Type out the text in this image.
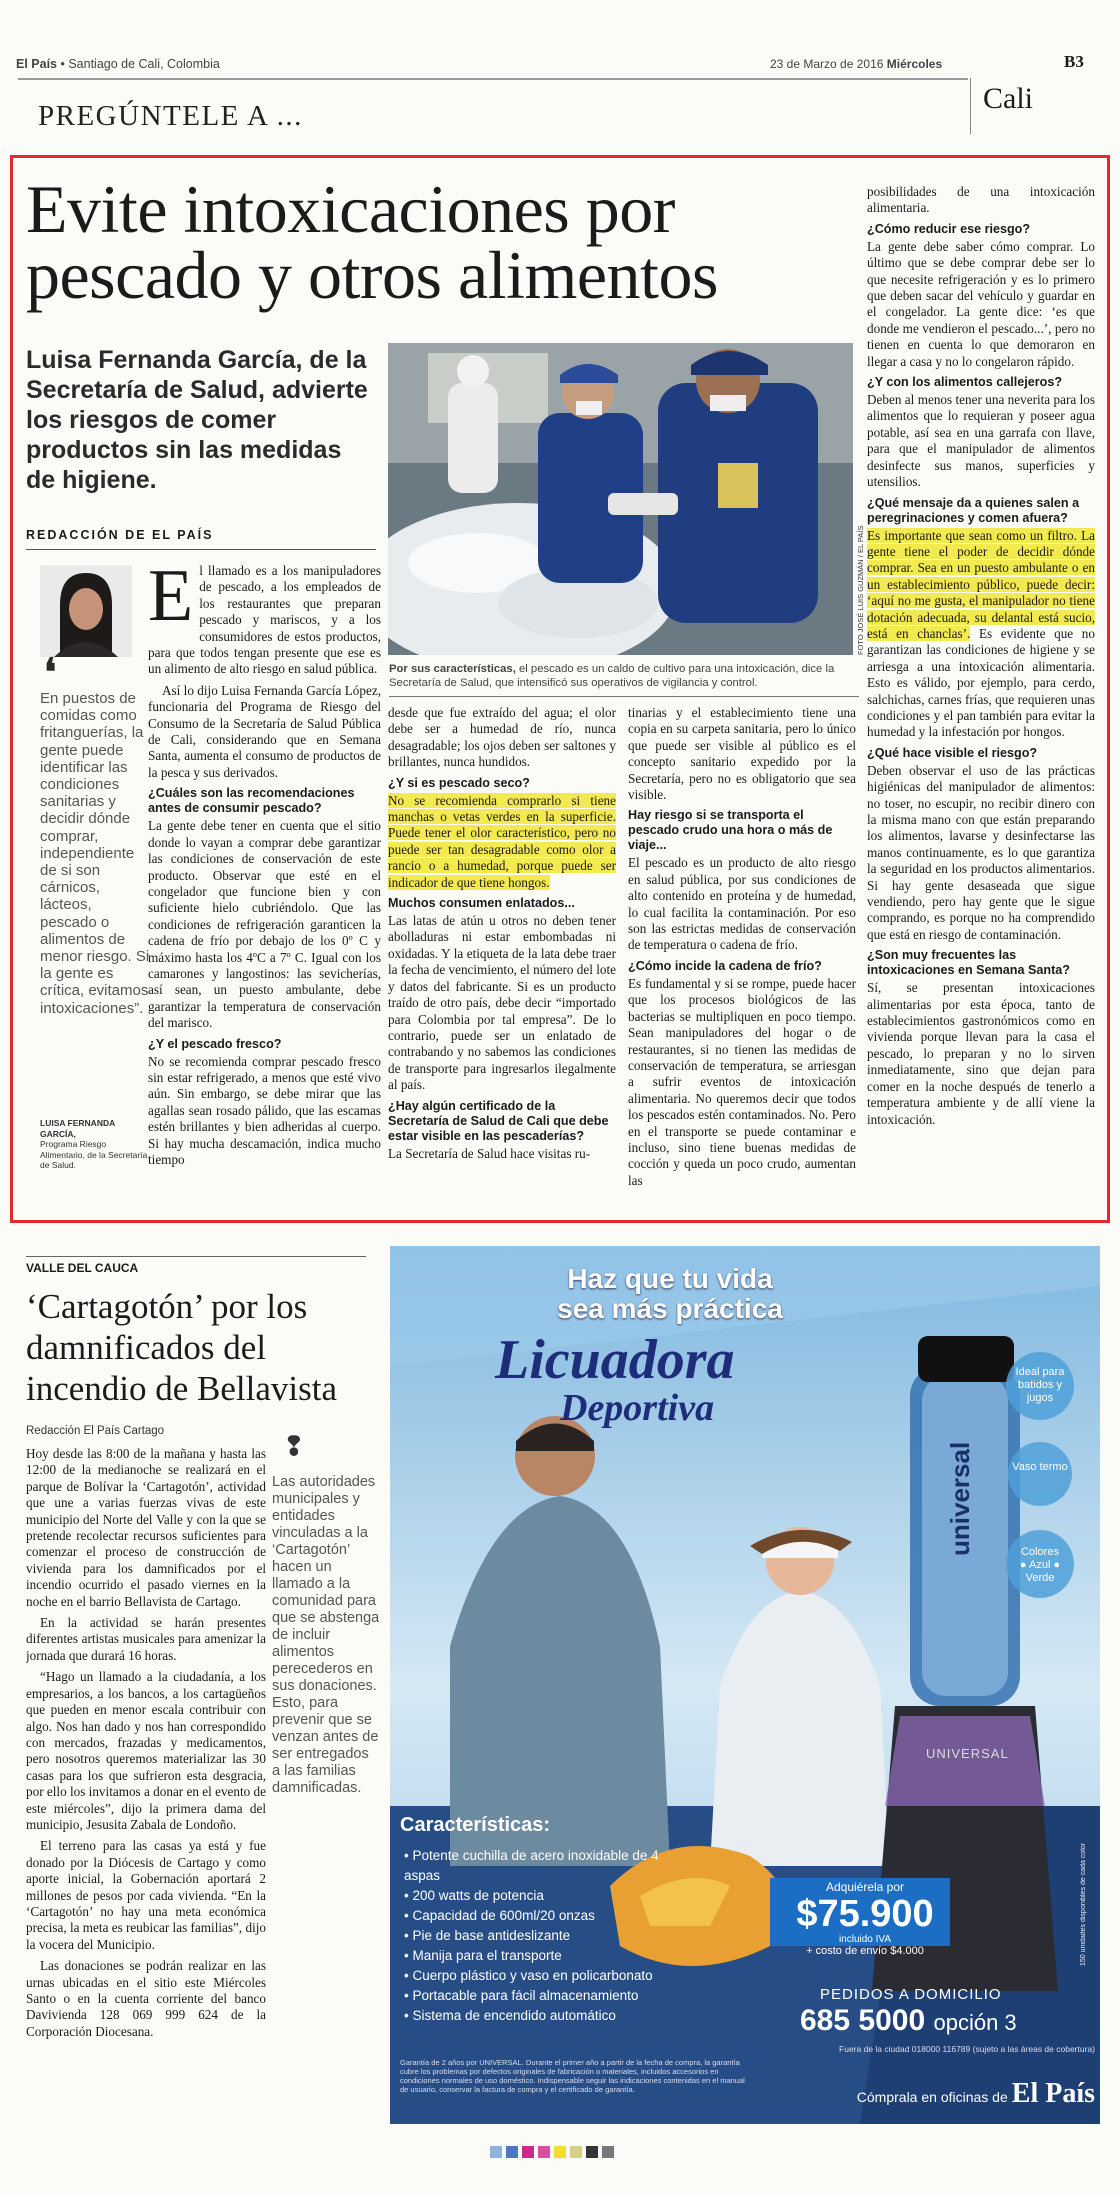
El País • Santiago de Cali, Colombia	23 de Marzo de 2016 Miércoles	B3
Cali
PREGÚNTELE A ...
Evite intoxicaciones por
pescado y otros alimentos
Luisa Fernanda García, de la Secretaría de Salud, advierte los riesgos de comer productos sin las medidas de higiene.
REDACCIÓN DE EL PAÍS	FOTO JOSÉ LUIS GUZMÁN / EL PAÍS
Por sus características, el pescado es un caldo de cultivo para una intoxicación, dice la Secretaría de Salud, que intensificó sus operativos de vigilancia y control.
❛
En puestos de comidas como fritanguerías, la gente puede identificar las condiciones sanitarias y decidir dónde comprar, independiente de si son cárnicos, lácteos, pescado o alimentos de menor riesgo. Si la gente es crítica, evitamos intoxicaciones”.
LUISA FERNANDA GARCÍA,
Programa Riesgo Alimentario, de la Secretaría de Salud.
E l llamado es a los manipuladores de pescado, a los empleados de los restaurantes que preparan pescado y mariscos, y a los consumidores de estos productos, para que todos tengan presente que ese es un alimento de alto riesgo en salud pública.

Así lo dijo Luisa Fernanda García López, funcionaria del Programa de Riesgo del Consumo de la Secretaría de Salud Pública de Cali, considerando que en Semana Santa, aumenta el consumo de productos de la pesca y sus derivados.

¿Cuáles son las recomendaciones antes de consumir pescado?

La gente debe tener en cuenta que el sitio donde lo vayan a comprar debe garantizar las condiciones de conservación de este producto. Observar que esté en el congelador que funcione bien y con suficiente hielo cubriéndolo. Que las condiciones de refrigeración garanticen la cadena de frío por debajo de los 0º C y máximo hasta los 4ºC a 7º C. Igual con los camarones y langostinos: las sevicherías, así sean, un puesto ambulante, debe garantizar la temperatura de conservación del marisco.

¿Y el pescado fresco?

No se recomienda comprar pescado fresco sin estar refrigerado, a menos que esté vivo aún. Sin embargo, se debe mirar que las agallas sean rosado pálido, que las escamas estén brillantes y bien adheridas al cuerpo. Si hay mucha descamación, indica mucho tiempo

desde que fue extraído del agua; el olor debe ser a humedad de río, nunca desagradable; los ojos deben ser saltones y brillantes, nunca hundidos.

¿Y si es pescado seco?

No se recomienda comprarlo si tiene manchas o vetas verdes en la superficie. Puede tener el olor característico, pero no puede ser tan desagradable como olor a rancio o a humedad, porque puede ser indicador de que tiene hongos.

Muchos consumen enlatados...

Las latas de atún u otros no deben tener abolladuras ni estar embombadas ni oxidadas. Y la etiqueta de la lata debe traer la fecha de vencimiento, el número del lote y datos del fabricante. Si es un producto traído de otro país, debe decir “importado para Colombia por tal empresa”. De lo contrario, puede ser un enlatado de contrabando y no sabemos las condiciones de transporte para ingresarlos ilegalmente al país.

¿Hay algún certificado de la Secretaría de Salud de Cali que debe estar visible en las pescaderías?

La Secretaría de Salud hace visitas ru-

tinarias y el establecimiento tiene una copia en su carpeta sanitaria, pero lo único que puede ser visible al público es el concepto sanitario expedido por la Secretaría, pero no es obligatorio que sea visible.

Hay riesgo si se transporta el pescado crudo una hora o más de viaje...

El pescado es un producto de alto riesgo en salud pública, por sus condiciones de alto contenido en proteína y de humedad, lo cual facilita la contaminación. Por eso son las estrictas medidas de conservación de temperatura o cadena de frío.

¿Cómo incide la cadena de frío?

Es fundamental y si se rompe, puede hacer que los procesos biológicos de las bacterias se multipliquen en poco tiempo. Sean manipuladores del hogar o de restaurantes, si no tienen las medidas de conservación de temperatura, se arriesgan a sufrir eventos de intoxicación alimentaria. No queremos decir que todos los pescados estén contaminados. No. Pero en el transporte se puede contaminar e incluso, sino tiene buenas medidas de cocción y queda un poco crudo, aumentan las

posibilidades de una intoxicación alimentaria.

¿Cómo reducir ese riesgo?

La gente debe saber cómo comprar. Lo último que se debe comprar debe ser lo que necesite refrigeración y es lo primero que deben sacar del vehículo y guardar en el congelador. La gente dice: ‘es que donde me vendieron el pescado...’, pero no tienen en cuenta lo que demoraron en llegar a casa y no lo congelaron rápido.

¿Y con los alimentos callejeros?

Deben al menos tener una neverita para los alimentos que lo requieran y poseer agua potable, así sea en una garrafa con llave, para que el manipulador de alimentos desinfecte sus manos, superficies y utensilios.

¿Qué mensaje da a quienes salen a peregrinaciones y comen afuera?

Es importante que sean como un filtro. La gente tiene el poder de decidir dónde comprar. Sea en un puesto ambulante o en un establecimiento público, puede decir: ‘aquí no me gusta, el manipulador no tiene dotación adecuada, su delantal está sucio, está en chanclas’. Es evidente que no garantizan las condiciones de higiene y se arriesga a una intoxicación alimentaria. Esto es válido, por ejemplo, para cerdo, salchichas, carnes frías, que requieren unas condiciones y el pan también para evitar la humedad y la infestación por hongos.

¿Qué hace visible el riesgo?

Deben observar el uso de las prácticas higiénicas del manipulador de alimentos: no toser, no escupir, no recibir dinero con la misma mano con que están preparando los alimentos, lavarse y desinfectarse las manos continuamente, es lo que garantiza la seguridad en los productos alimentarios. Si hay gente desaseada que sigue vendiendo, pero hay gente que le sigue comprando, es porque no ha comprendido que está en riesgo de contaminación.

¿Son muy frecuentes las intoxicaciones en Semana Santa?

Sí, se presentan intoxicaciones alimentarias por esta época, tanto de establecimientos gastronómicos como en vivienda porque llevan para la casa el pescado, lo preparan y no lo sirven inmediatamente, sino que dejan para comer en la noche después de tenerlo a temperatura ambiente y de allí viene la intoxicación.

VALLE DEL CAUCA
‘Cartagotón’ por los damnificados del incendio de Bellavista
Redacción El País Cartago

Hoy desde las 8:00 de la mañana y hasta las 12:00 de la medianoche se realizará en el parque de Bolívar la ‘Cartagotón’, actividad que une a varias fuerzas vivas de este municipio del Norte del Valle y con la que se pretende recolectar recursos suficientes para comenzar el proceso de construcción de vivienda para los damnificados por el incendio ocurrido el pasado viernes en la noche en el barrio Bellavista de Cartago.

En la actividad se harán presentes diferentes artistas musicales para amenizar la jornada que durará 16 horas.

“Hago un llamado a la ciudadanía, a los empresarios, a los bancos, a los cartagüeños que pueden en menor escala contribuir con algo. Nos han dado y nos han correspondido con mercados, frazadas y medicamentos, pero nosotros queremos materializar las 30 casas para los que sufrieron esta desgracia, por ello los invitamos a donar en el evento de este miércoles”, dijo la primera dama del municipio, Jesusita Zabala de Londoño.

El terreno para las casas ya está y fue donado por la Diócesis de Cartago y como aporte inicial, la Gobernación aportará 2 millones de pesos por cada vivienda. “En la ‘Cartagotón’ no hay una meta económica precisa, la meta es reubicar las familias”, dijo la vocera del Municipio.

Las donaciones se podrán realizar en las urnas ubicadas en el sitio este Miércoles Santo o en la cuenta corriente del banco Davivienda 128 069 999 624 de la Corporación Diocesana.

❢
Las autoridades municipales y entidades vinculadas a la ‘Cartagotón’ hacen un llamado a la comunidad para que se abstenga de incluir alimentos perecederos en sus donaciones. Esto, para prevenir que se venzan antes de ser entregados a las familias damnificadas.
Haz que tu vida
sea más práctica
Licuadora
Deportiva
Ideal para batidos y jugos
Vaso termo
Colores
● Azul ● Verde
universal
UNIVERSAL
150 unidades disponibles de cada color
Características:
• Potente cuchilla de acero inoxidable de 4 aspas
• 200 watts de potencia
• Capacidad de 600ml/20 onzas
• Pie de base antideslizante
• Manija para el transporte
• Cuerpo plástico y vaso en policarbonato
• Portacable para fácil almacenamiento
• Sistema de encendido automático
Adquiérela por
$75.900
incluido IVA
+ costo de envío $4.000
PEDIDOS A DOMICILIO
685 5000 opción 3
Fuera de la ciudad 018000 116789 (sujeto a las áreas de cobertura)
Garantía de 2 años por UNIVERSAL. Durante el primer año a partir de la fecha de compra, la garantía cubre los problemas por defectos originales de fabricación o materiales, incluidos accesorios en condiciones normales de uso doméstico. Indispensable seguir las indicaciones contenidas en el manual de usuario, conservar la factura de compra y el certificado de garantía.	Cómprala en oficinas de El País
